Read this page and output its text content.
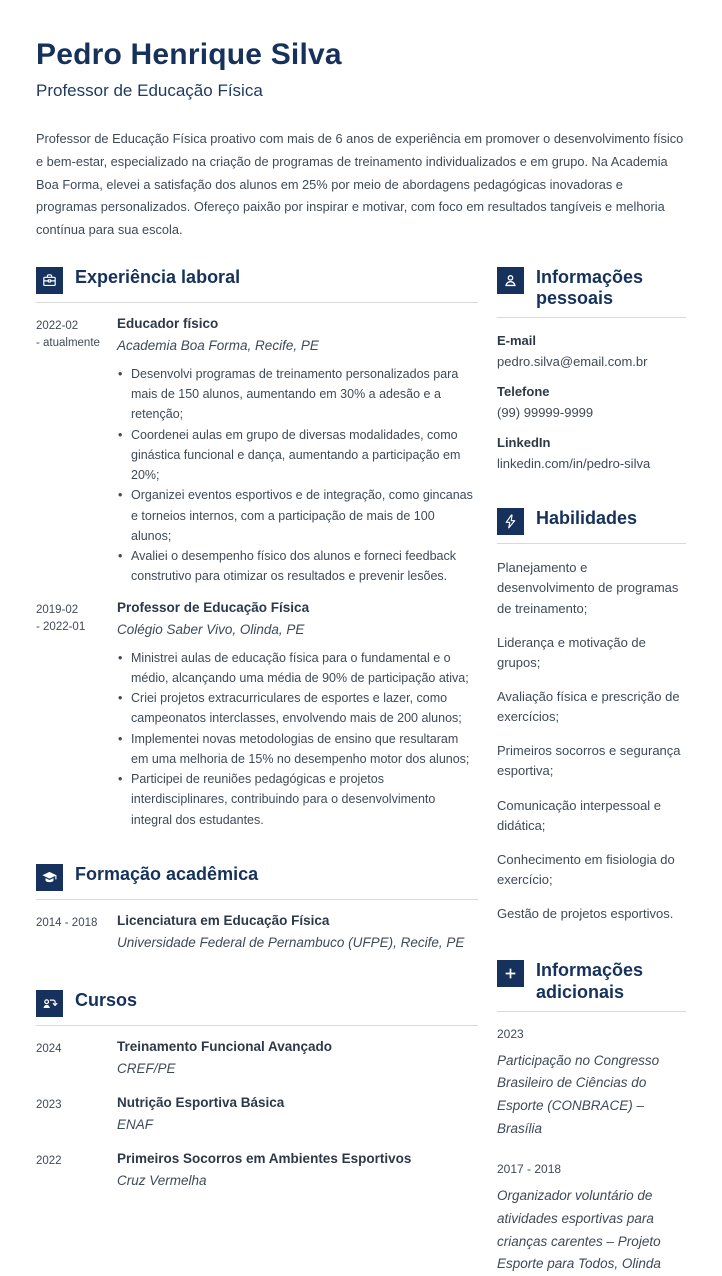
Pedro Henrique Silva
Professor de Educação Física

Professor de Educação Física proativo com mais de 6 anos de experiência em promover o desenvolvimento físico e bem-estar, especializado na criação de programas de treinamento individualizados e em grupo. Na Academia Boa Forma, elevei a satisfação dos alunos em 25% por meio de abordagens pedagógicas inovadoras e programas personalizados. Ofereço paixão por inspirar e motivar, com foco em resultados tangíveis e melhoria contínua para sua escola.

Experiência laboral
2022-02
- atualmente
Educador físico
Academia Boa Forma, Recife, PE
• Desenvolvi programas de treinamento personalizados para mais de 150 alunos, aumentando em 30% a adesão e a retenção;
• Coordenei aulas em grupo de diversas modalidades, como ginástica funcional e dança, aumentando a participação em 20%;
• Organizei eventos esportivos e de integração, como gincanas e torneios internos, com a participação de mais de 100 alunos;
• Avaliei o desempenho físico dos alunos e forneci feedback construtivo para otimizar os resultados e prevenir lesões.
2019-02
- 2022-01
Professor de Educação Física
Colégio Saber Vivo, Olinda, PE
• Ministrei aulas de educação física para o fundamental e o médio, alcançando uma média de 90% de participação ativa;
• Criei projetos extracurriculares de esportes e lazer, como campeonatos interclasses, envolvendo mais de 200 alunos;
• Implementei novas metodologias de ensino que resultaram em uma melhoria de 15% no desempenho motor dos alunos;
• Participei de reuniões pedagógicas e projetos interdisciplinares, contribuindo para o desenvolvimento integral dos estudantes.
Formação acadêmica
2014 - 2018	Licenciatura em Educação Física
Universidade Federal de Pernambuco (UFPE), Recife, PE
Cursos
2024	Treinamento Funcional Avançado
CREF/PE
2023	Nutrição Esportiva Básica
ENAF
2022	Primeiros Socorros em Ambientes Esportivos
Cruz Vermelha
Informações pessoais
E-mail
pedro.silva@email.com.br
Telefone
(99) 99999-9999
LinkedIn
linkedin.com/in/pedro-silva
Habilidades

Planejamento e desenvolvimento de programas de treinamento;

Liderança e motivação de grupos;

Avaliação física e prescrição de exercícios;

Primeiros socorros e segurança esportiva;

Comunicação interpessoal e didática;

Conhecimento em fisiologia do exercício;

Gestão de projetos esportivos.

Informações adicionais
2023
Participação no Congresso Brasileiro de Ciências do Esporte (CONBRACE) – Brasília
2017 - 2018
Organizador voluntário de atividades esportivas para crianças carentes – Projeto Esporte para Todos, Olinda
